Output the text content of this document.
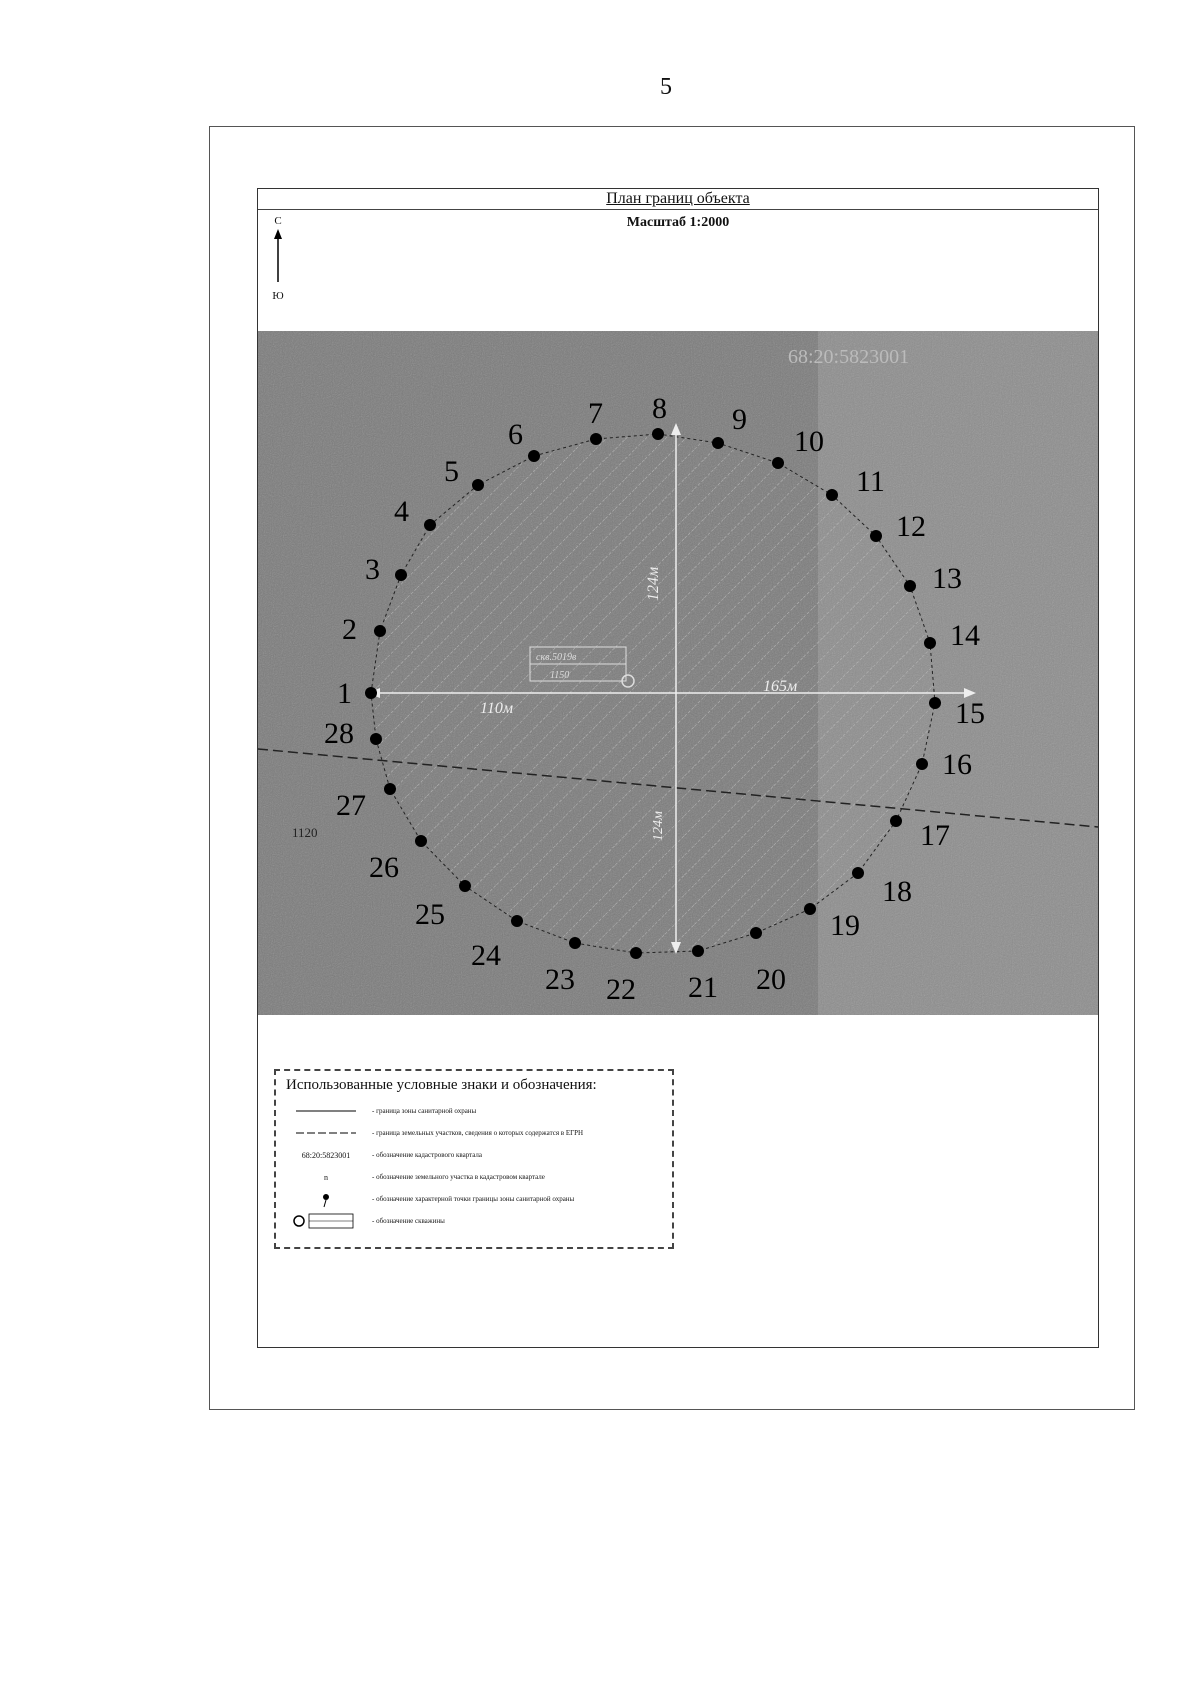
5
План границ объекта
Масштаб 1:2000
С
Ю
124м
124м
110м
165м
68:20:5823001
1120
скв.5019в
1150
1
2
3
4
5
6
7 8 9
10
11
12
13
14
15
16
17
18
19
20
21
22
23
24
25
26
27
28
Использованные условные знаки и обозначения:
- граница зоны санитарной охраны
- граница земельных участков, сведения о которых содержатся в ЕГРН
68:20:5823001	- обозначение кадастрового квартала
n	- обозначение земельного участка в кадастровом квартале
- обозначение характерной точки границы зоны санитарной охраны
- обозначение скважины
